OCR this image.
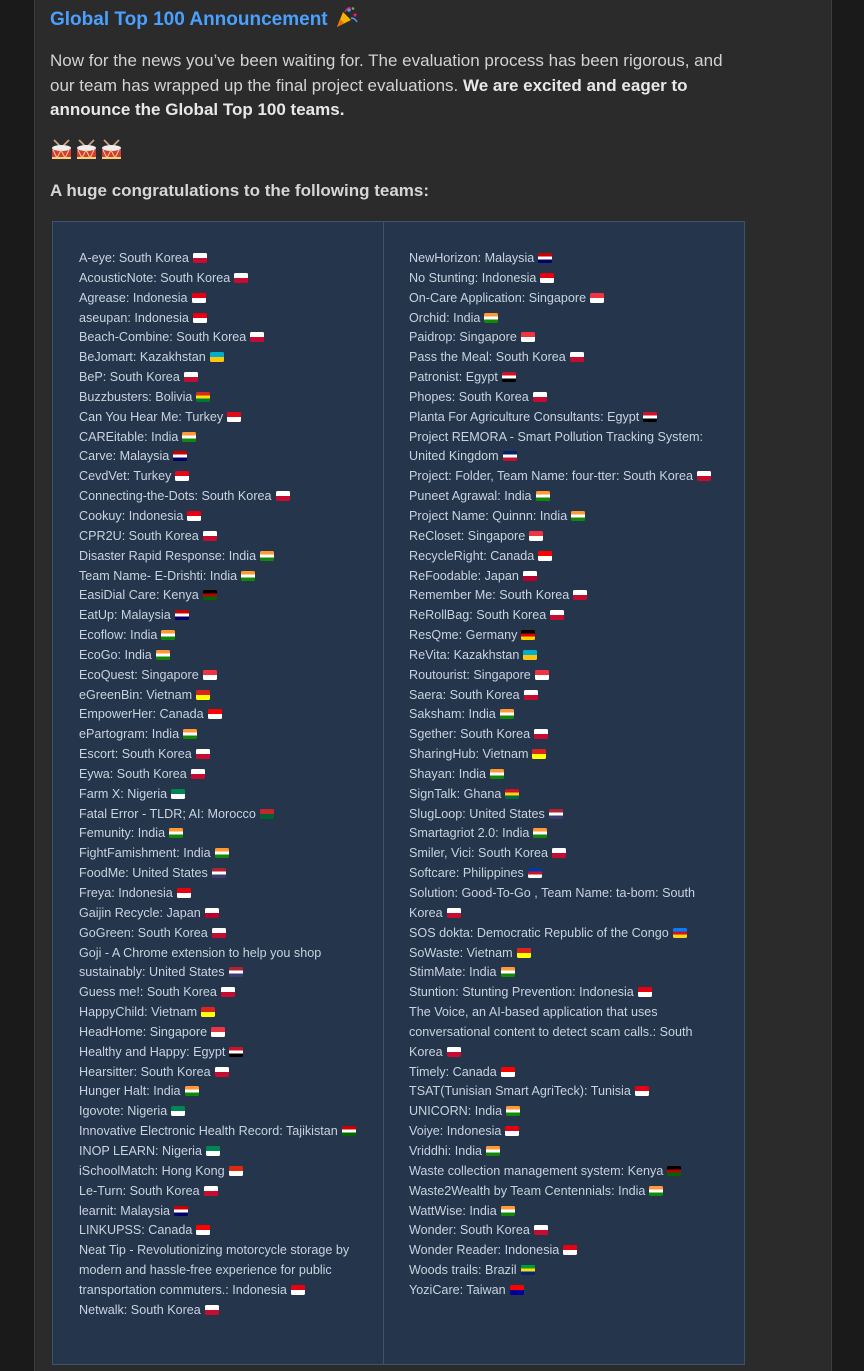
Global Top 100 Announcement
Now for the news you’ve been waiting for. The evaluation process has been rigorous, and our team has wrapped up the final project evaluations. We are excited and eager to announce the Global Top 100 teams.
A huge congratulations to the following teams:
A-eye: South Korea
AcousticNote: South Korea
Agrease: Indonesia
aseupan: Indonesia
Beach-Combine: South Korea
BeJomart: Kazakhstan
BeP: South Korea
Buzzbusters: Bolivia
Can You Hear Me: Turkey
CAREitable: India
Carve: Malaysia
CevdVet: Turkey
Connecting-the-Dots: South Korea
Cookuy: Indonesia
CPR2U: South Korea
Disaster Rapid Response: India
Team Name- E-Drishti: India
EasiDial Care: Kenya
EatUp: Malaysia
Ecoflow: India
EcoGo: India
EcoQuest: Singapore
eGreenBin: Vietnam
EmpowerHer: Canada
ePartogram: India
Escort: South Korea
Eywa: South Korea
Farm X: Nigeria
Fatal Error - TLDR; AI: Morocco
Femunity: India
FightFamishment: India
FoodMe: United States
Freya: Indonesia
Gaijin Recycle: Japan
GoGreen: South Korea
Goji - A Chrome extension to help you shop sustainably: United States
Guess me!: South Korea
HappyChild: Vietnam
HeadHome: Singapore
Healthy and Happy: Egypt
Hearsitter: South Korea
Hunger Halt: India
Igovote: Nigeria
Innovative Electronic Health Record: Tajikistan
INOP LEARN: Nigeria
iSchoolMatch: Hong Kong
Le-Turn: South Korea
learnit: Malaysia
LINKUPSS: Canada
Neat Tip - Revolutionizing motorcycle storage by modern and hassle-free experience for public transportation commuters.: Indonesia
Netwalk: South Korea
NewHorizon: Malaysia
No Stunting: Indonesia
On-Care Application: Singapore
Orchid: India
Paidrop: Singapore
Pass the Meal: South Korea
Patronist: Egypt
Phopes: South Korea
Planta For Agriculture Consultants: Egypt
Project REMORA - Smart Pollution Tracking System: United Kingdom
Project: Folder, Team Name: four-tter: South Korea
Puneet Agrawal: India
Project Name: Quinnn: India
ReCloset: Singapore
RecycleRight: Canada
ReFoodable: Japan
Remember Me: South Korea
ReRollBag: South Korea
ResQme: Germany
ReVita: Kazakhstan
Routourist: Singapore
Saera: South Korea
Saksham: India
Sgether: South Korea
SharingHub: Vietnam
Shayan: India
SignTalk: Ghana
SlugLoop: United States
Smartagriot 2.0: India
Smiler, Vici: South Korea
Softcare: Philippines
Solution: Good-To-Go , Team Name: ta-bom: South Korea
SOS dokta: Democratic Republic of the Congo
SoWaste: Vietnam
StimMate: India
Stuntion: Stunting Prevention: Indonesia
The Voice, an AI-based application that uses conversational content to detect scam calls.: South Korea
Timely: Canada
TSAT(Tunisian Smart AgriTeck): Tunisia
UNICORN: India
Voiye: Indonesia
Vriddhi: India
Waste collection management system: Kenya
Waste2Wealth by Team Centennials: India
WattWise: India
Wonder: South Korea
Wonder Reader: Indonesia
Woods trails: Brazil
YoziCare: Taiwan
